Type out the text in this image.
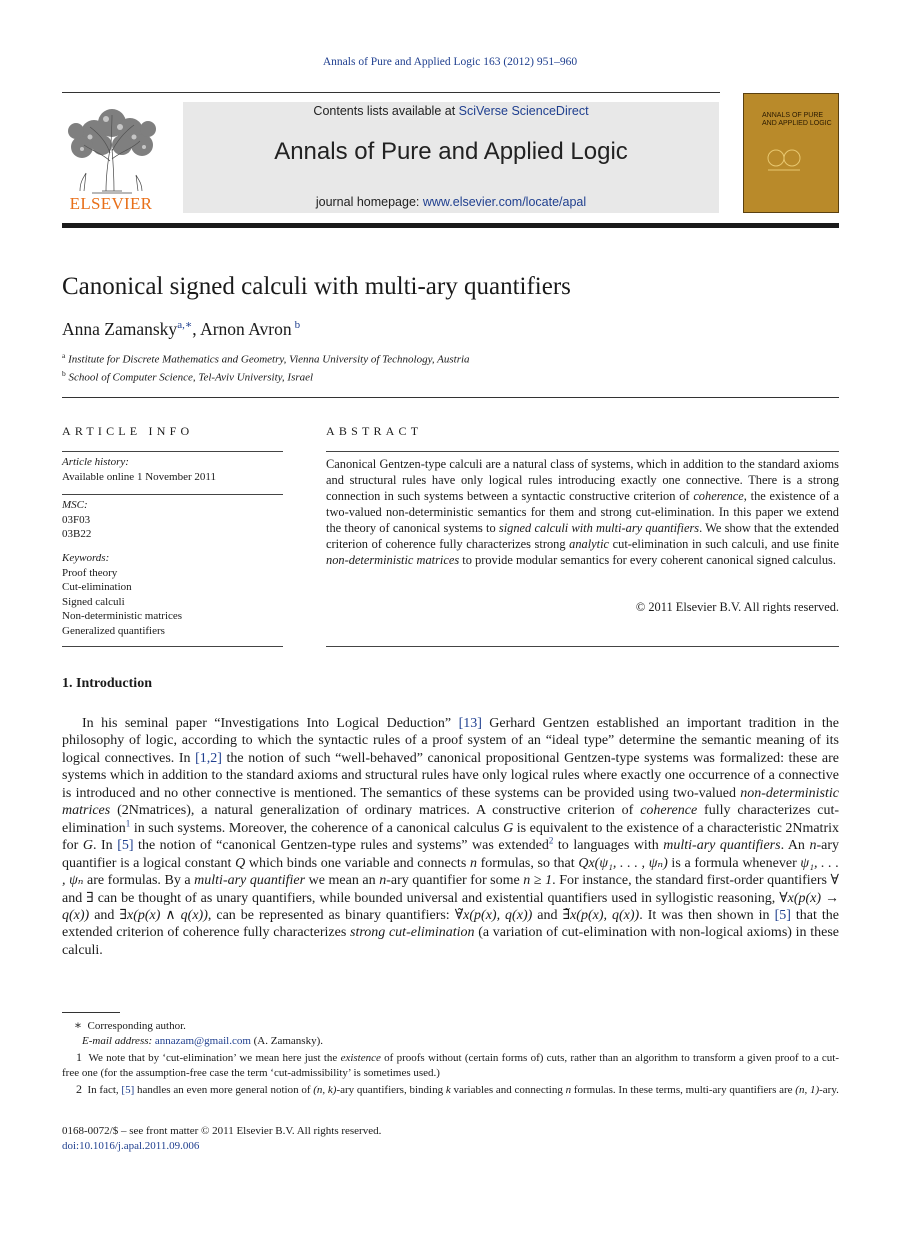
Annals of Pure and Applied Logic 163 (2012) 951–960
ELSEVIER
Contents lists available at SciVerse ScienceDirect
Annals of Pure and Applied Logic
journal homepage: www.elsevier.com/locate/apal
ANNALS OF PURE AND APPLIED LOGIC
Canonical signed calculi with multi-ary quantifiers
Anna Zamansky$^{a,∗}$, Arnon Avron $^b$
$^a$ Institute for Discrete Mathematics and Geometry, Vienna University of Technology, Austria
$^b$ School of Computer Science, Tel-Aviv University, Israel
ARTICLE INFO
Article history:
Available online 1 November 2011
MSC:
03F03
03B22
Keywords:
Proof theory
Cut-elimination
Signed calculi
Non-deterministic matrices
Generalized quantifiers
ABSTRACT
Canonical Gentzen-type calculi are a natural class of systems, which in addition to the standard axioms and structural rules have only logical rules introducing exactly one connective. There is a strong connection in such systems between a syntactic constructive criterion of coherence, the existence of a two-valued non-deterministic semantics for them and strong cut-elimination. In this paper we extend the theory of canonical systems to signed calculi with multi-ary quantifiers. We show that the extended criterion of coherence fully characterizes strong analytic cut-elimination in such calculi, and use finite non-deterministic matrices to provide modular semantics for every coherent canonical signed calculus.
© 2011 Elsevier B.V. All rights reserved.
1. Introduction

In his seminal paper “Investigations Into Logical Deduction” [13] Gerhard Gentzen established an important tradition in the philosophy of logic, according to which the syntactic rules of a proof system of an “ideal type” determine the semantic meaning of its logical connectives. In [1,2] the notion of such “well-behaved” canonical propositional Gentzen-type systems was formalized: these are systems which in addition to the standard axioms and structural rules have only logical rules where exactly one occurrence of a connective is introduced and no other connective is mentioned. The semantics of these systems can be provided using two-valued non-deterministic matrices (2Nmatrices), a natural generalization of ordinary matrices. A constructive criterion of coherence fully characterizes cut-elimination$^1$ in such systems. Moreover, the coherence of a canonical calculus G is equivalent to the existence of a characteristic 2Nmatrix for G. In [5] the notion of “canonical Gentzen-type rules and systems” was extended$^2$ to languages with multi-ary quantifiers. An n-ary quantifier is a logical constant Q which binds one variable and connects n formulas, so that Qx(ψ₁, . . . , ψₙ) is a formula whenever ψ₁, . . . , ψₙ are formulas. By a multi-ary quantifier we mean an n-ary quantifier for some n ≥ 1. For instance, the standard first-order quantifiers ∀ and ∃ can be thought of as unary quantifiers, while bounded universal and existential quantifiers used in syllogistic reasoning, ∀x(p(x) → q(x)) and ∃x(p(x) ∧ q(x)), can be represented as binary quantifiers: ∀̃x(p(x), q(x)) and ∃̃x(p(x), q(x)). It was then shown in [5] that the extended criterion of coherence fully characterizes strong cut-elimination (a variation of cut-elimination with non-logical axioms) in these calculi.

∗ Corresponding author.
E-mail address: annazam@gmail.com (A. Zamansky).
1 We note that by ‘cut-elimination’ we mean here just the existence of proofs without (certain forms of) cuts, rather than an algorithm to transform a given proof to a cut-free one (for the assumption-free case the term ‘cut-admissibility’ is sometimes used.)
2 In fact, [5] handles an even more general notion of (n, k)-ary quantifiers, binding k variables and connecting n formulas. In these terms, multi-ary quantifiers are (n, 1)-ary.
0168-0072/$ – see front matter © 2011 Elsevier B.V. All rights reserved.
doi:10.1016/j.apal.2011.09.006
